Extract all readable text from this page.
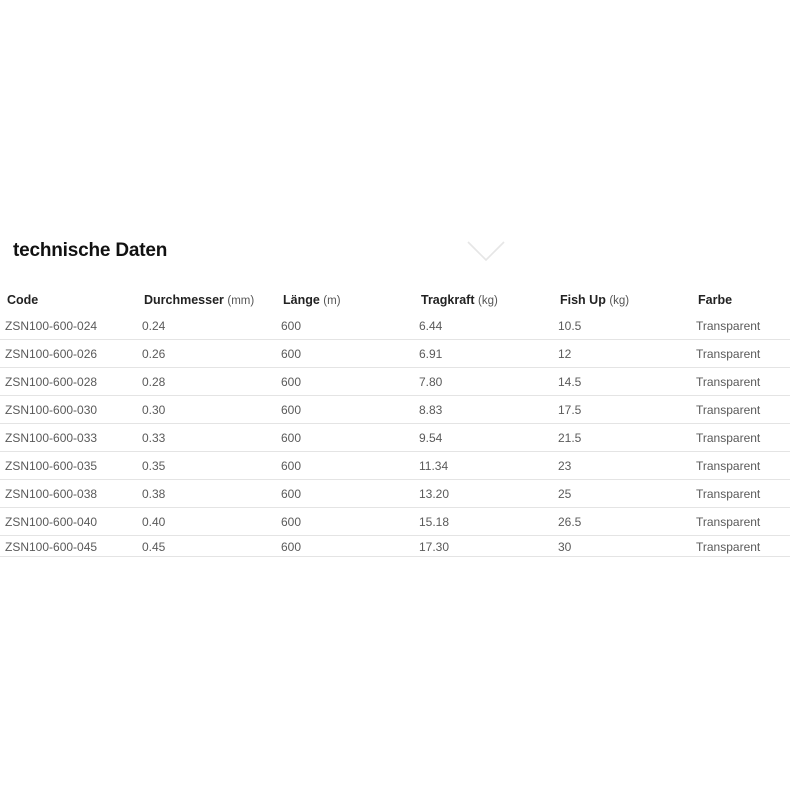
technische Daten
Code	Durchmesser (mm)	Länge (m)	Tragkraft (kg)	Fish Up (kg)	Farbe
ZSN100-600-024	0.24	600	6.44	10.5	Transparent
ZSN100-600-026	0.26	600	6.91	12	Transparent
ZSN100-600-028	0.28	600	7.80	14.5	Transparent
ZSN100-600-030	0.30	600	8.83	17.5	Transparent
ZSN100-600-033	0.33	600	9.54	21.5	Transparent
ZSN100-600-035	0.35	600	11.34	23	Transparent
ZSN100-600-038	0.38	600	13.20	25	Transparent
ZSN100-600-040	0.40	600	15.18	26.5	Transparent
ZSN100-600-045	0.45	600	17.30	30	Transparent
